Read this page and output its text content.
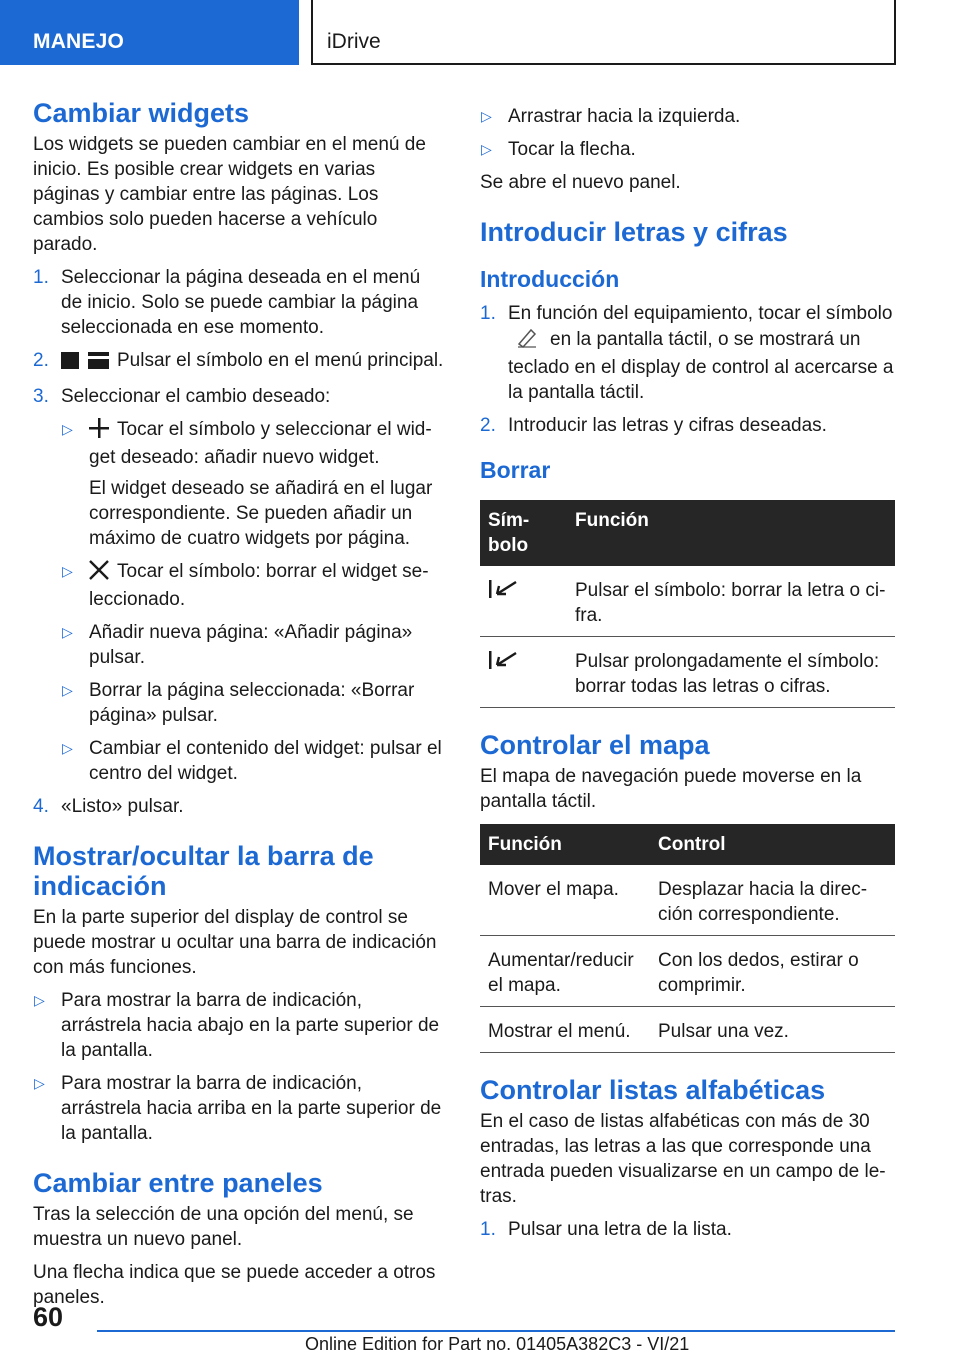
MANEJO	iDrive
Cambiar widgets

Los widgets se pueden cambiar en el menú de inicio. Es posible crear widgets en varias páginas y cambiar entre las páginas. Los cambios solo pueden hacerse a vehículo parado.

1. Seleccionar la página deseada en el menú de inicio. Solo se puede cambiar la página seleccionada en ese momento.
2.	Pulsar el símbolo en el menú principal.
3. Seleccionar el cambio deseado:
▷ Tocar el símbolo y seleccionar el widget deseado: añadir nuevo widget.

El widget deseado se añadirá en el lugar correspondiente. Se pueden añadir un máximo de cuatro widgets por página.

▷ Tocar el símbolo: borrar el widget seleccionado.
▷ Añadir nueva página: «Añadir página» pulsar.
▷ Borrar la página seleccionada: «Borrar página» pulsar.
▷ Cambiar el contenido del widget: pulsar el centro del widget.
4. «Listo» pulsar.
Mostrar/ocultar la barra de indicación

En la parte superior del display de control se puede mostrar u ocultar una barra de indicación con más funciones.

▷ Para mostrar la barra de indicación, arrástrela hacia abajo en la parte superior de la pantalla.
▷ Para mostrar la barra de indicación, arrástrela hacia arriba en la parte superior de la pantalla.
Cambiar entre paneles

Tras la selección de una opción del menú, se muestra un nuevo panel.

Una flecha indica que se puede acceder a otros paneles.

▷ Arrastrar hacia la izquierda.
▷ Tocar la flecha.

Se abre el nuevo panel.

Introducir letras y cifras
Introducción
1. En función del equipamiento, tocar el símbolo en la pantalla táctil, o se mostrará un teclado en el display de control al acercarse a la pantalla táctil.
2. Introducir las letras y cifras deseadas.
Borrar
Símbolo	Función
	Pulsar el símbolo: borrar la letra o cifra.
	Pulsar prolongadamente el símbolo: borrar todas las letras o cifras.
Controlar el mapa

El mapa de navegación puede moverse en la pantalla táctil.

Función	Control
Mover el mapa.	Desplazar hacia la dirección correspondiente.
Aumentar/reducir el mapa.	Con los dedos, estirar o comprimir.
Mostrar el menú.	Pulsar una vez.
Controlar listas alfabéticas

En el caso de listas alfabéticas con más de 30 entradas, las letras a las que corresponde una entrada pueden visualizarse en un campo de letras.

1. Pulsar una letra de la lista.
60
Online Edition for Part no. 01405A382C3 - VI/21
